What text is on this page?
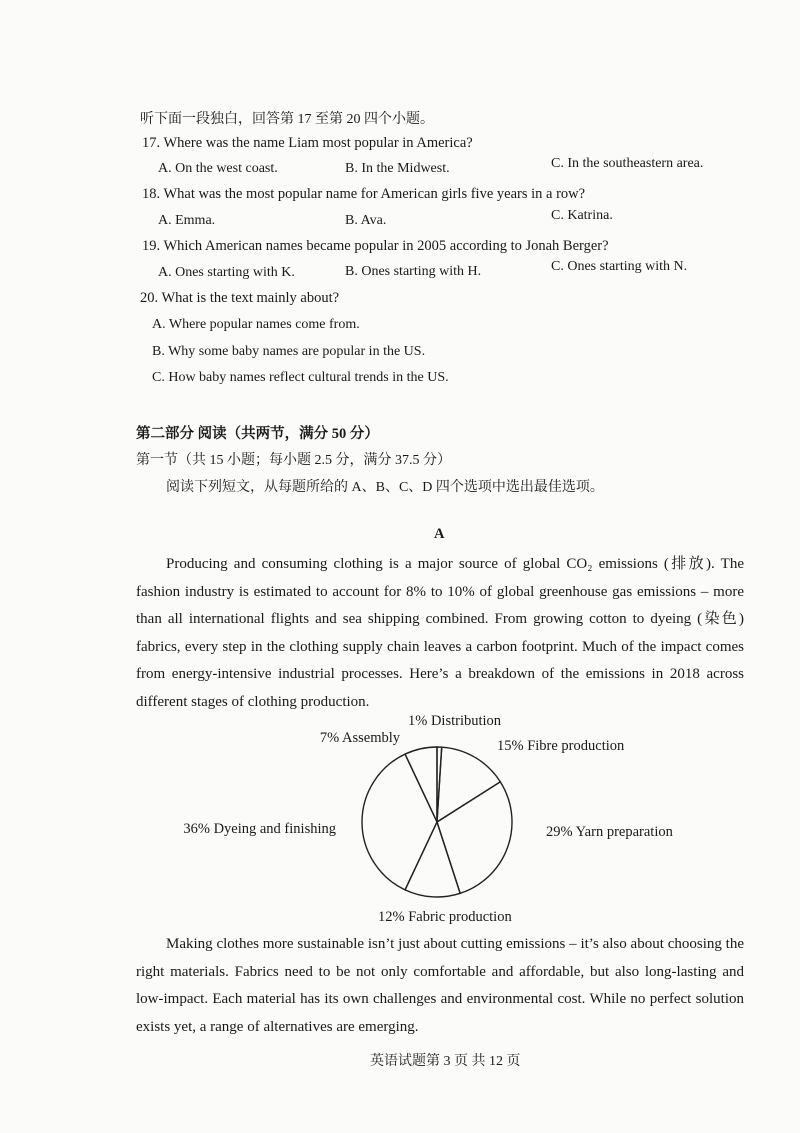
听下面一段独白，回答第 17 至第 20 四个小题。
17. Where was the name Liam most popular in America?
A. On the west coast.	B. In the Midwest.	C. In the southeastern area.
18. What was the most popular name for American girls five years in a row?
A. Emma.	B. Ava.	C. Katrina.
19. Which American names became popular in 2005 according to Jonah Berger?
A. Ones starting with K.	B. Ones starting with H.	C. Ones starting with N.
20. What is the text mainly about?
A. Where popular names come from.
B. Why some baby names are popular in the US.
C. How baby names reflect cultural trends in the US.
第二部分 阅读（共两节，满分 50 分）
第一节（共 15 小题；每小题 2.5 分，满分 37.5 分）
阅读下列短文，从每题所给的 A、B、C、D 四个选项中选出最佳选项。
A
Producing and consuming clothing is a major source of global CO₂ emissions (排放). The fashion industry is estimated to account for 8% to 10% of global greenhouse gas emissions – more than all international flights and sea shipping combined. From growing cotton to dyeing (染色) fabrics, every step in the clothing supply chain leaves a carbon footprint. Much of the impact comes from energy-intensive industrial processes. Here’s a breakdown of the emissions in 2018 across different stages of clothing production.
1% Distribution
15% Fibre production
29% Yarn preparation
12% Fabric production
36% Dyeing and finishing
7% Assembly
Making clothes more sustainable isn’t just about cutting emissions – it’s also about choosing the right materials. Fabrics need to be not only comfortable and affordable, but also long-lasting and low-impact. Each material has its own challenges and environmental cost. While no perfect solution exists yet, a range of alternatives are emerging.
英语试题第 3 页 共 12 页
